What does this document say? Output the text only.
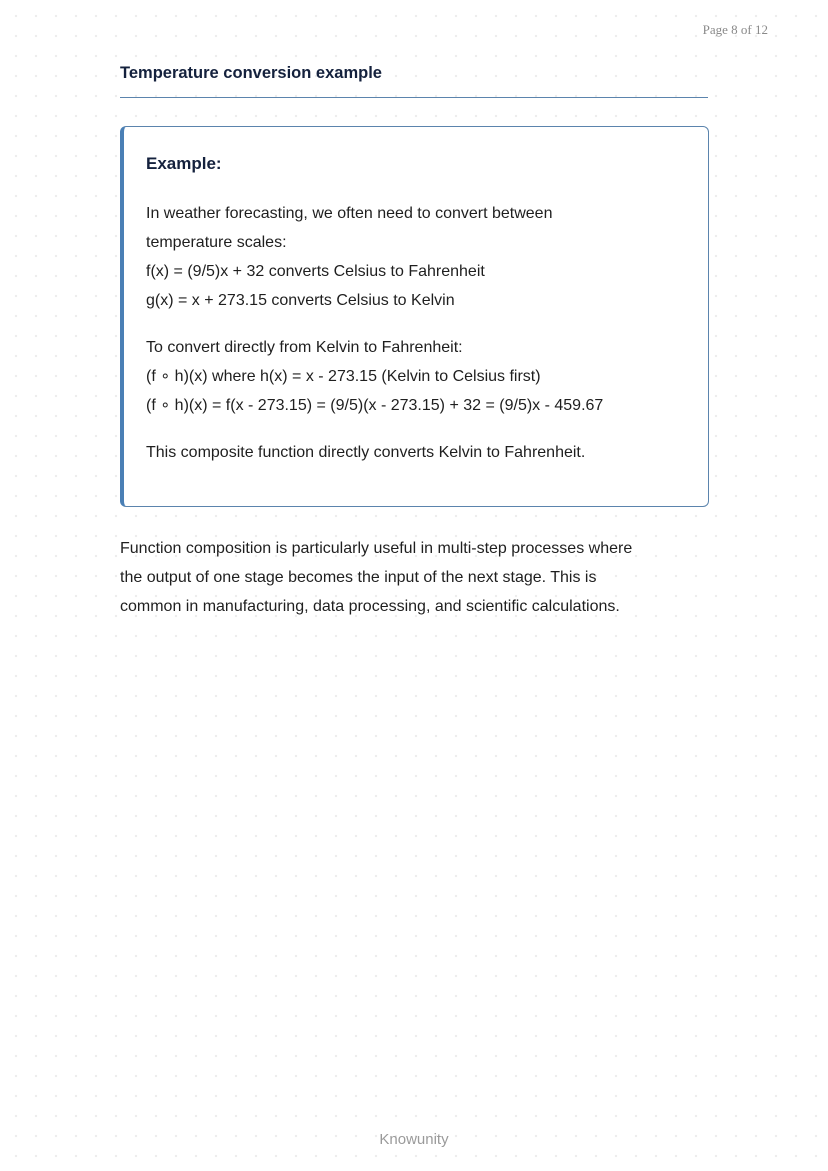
Page 8 of 12
Temperature conversion example
Example:

In weather forecasting, we often need to convert between
temperature scales:
f(x) = (9/5)x + 32 converts Celsius to Fahrenheit
g(x) = x + 273.15 converts Celsius to Kelvin

To convert directly from Kelvin to Fahrenheit:
(f ∘ h)(x) where h(x) = x - 273.15 (Kelvin to Celsius first)
(f ∘ h)(x) = f(x - 273.15) = (9/5)(x - 273.15) + 32 = (9/5)x - 459.67

This composite function directly converts Kelvin to Fahrenheit.

Function composition is particularly useful in multi-step processes where
the output of one stage becomes the input of the next stage. This is
common in manufacturing, data processing, and scientific calculations.

Knowunity
